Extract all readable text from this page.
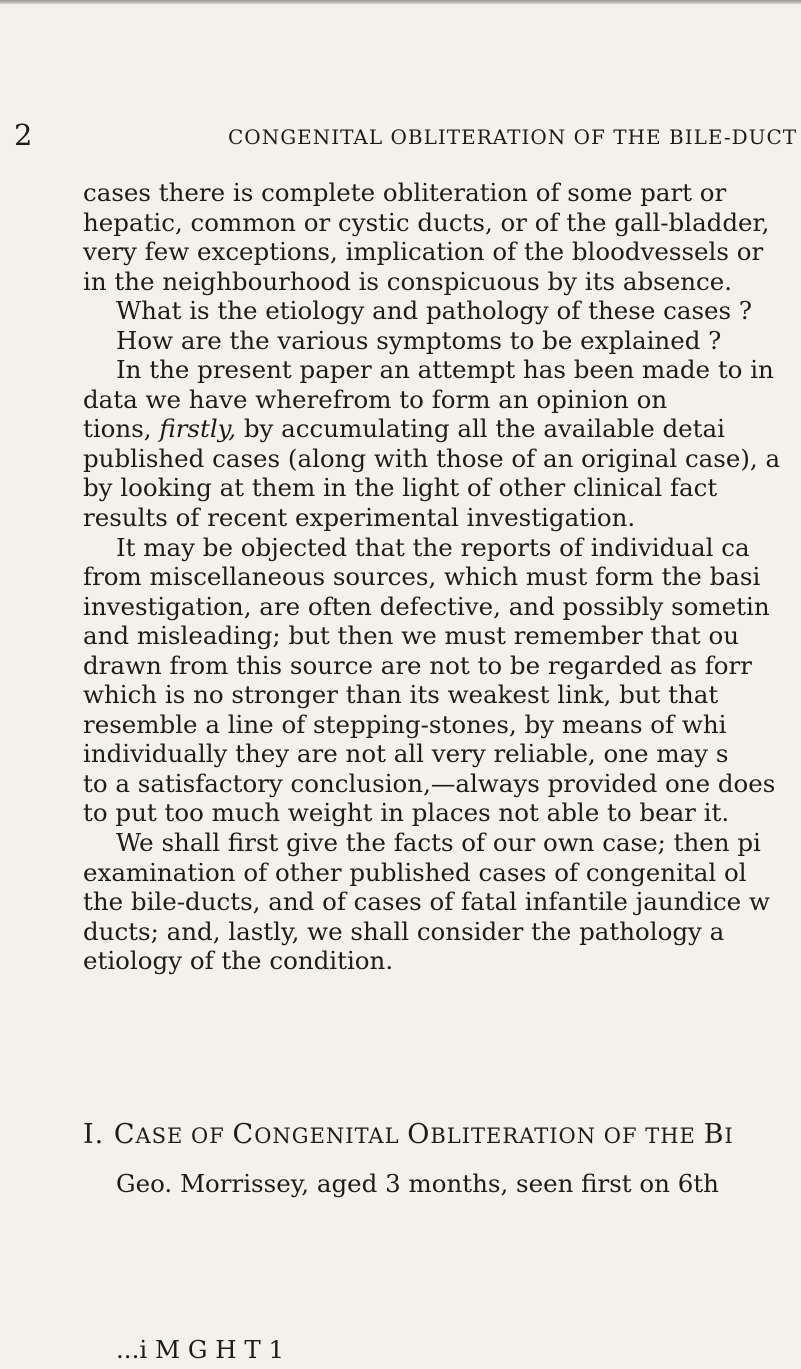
2	CONGENITAL OBLITERATION OF THE BILE-DUCT
cases there is complete obliteration of some part or
hepatic, common or cystic ducts, or of the gall-bladder,
very few exceptions, implication of the bloodvessels or
in the neighbourhood is conspicuous by its absence.
What is the etiology and pathology of these cases ?
How are the various symptoms to be explained ?
In the present paper an attempt has been made to in
data we have wherefrom to form an opinion on
tions, firstly, by accumulating all the available detai
published cases (along with those of an original case), a
by looking at them in the light of other clinical fact
results of recent experimental investigation.
It may be objected that the reports of individual ca
from miscellaneous sources, which must form the basi
investigation, are often defective, and possibly sometin
and misleading; but then we must remember that ou
drawn from this source are not to be regarded as forr
which is no stronger than its weakest link, but that
resemble a line of stepping-stones, by means of whi
individually they are not all very reliable, one may s
to a satisfactory conclusion,—always provided one does
to put too much weight in places not able to bear it.
We shall first give the facts of our own case; then pi
examination of other published cases of congenital ol
the bile-ducts, and of cases of fatal infantile jaundice w
ducts; and, lastly, we shall consider the pathology a
etiology of the condition.
I. CASE OF CONGENITAL OBLITERATION OF THE BI
Geo. Morrissey, aged 3 months, seen first on 6th
...i M G H T 1
